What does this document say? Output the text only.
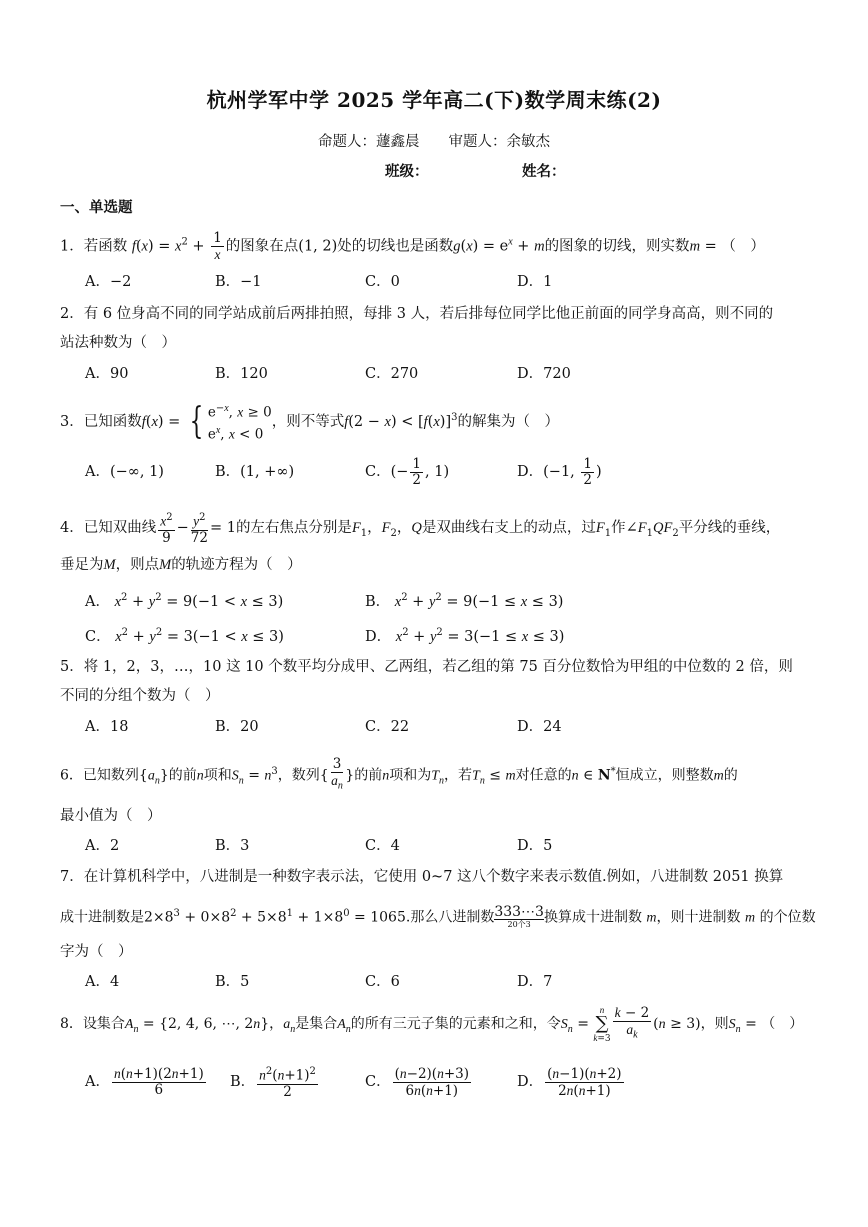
杭州学军中学 2025 学年高二(下)数学周末练(2)
命题人：蘧鑫晨　　审题人：余敏杰
班级：	姓名：
一、单选题
1．若函数 $f(x) = x^2 + \frac{1}{x}$ 的图象在点(1, 2)处的切线也是函数$g(x) = e^x + m$的图象的切线，则实数m = （　）
A．−2	B．−1	C．0	D．1
2．有 6 位身高不同的同学站成前后两排拍照，每排 3 人，若后排每位同学比他正前面的同学身高高，则不同的
站法种数为（　）
A．90	B．120	C．270	D．720
3．已知函数f(x) = { $e^{-x}$, x ≥ 0
$e^x$, x < 0
，则不等式$f(2 - x) < [f(x)]^3$的解集为（　）
A．(−∞, 1)	B．(1, +∞)	C．(− $\frac{1}{2}$ , 1)	D．(−1, $\frac{1}{2}$ )
4．已知双曲线 $\frac{x^2}{9} - \frac{y^2}{72} = 1$的左右焦点分别是$F_1$，$F_2$，Q是双曲线右支上的动点，过$F_1$作$\angle F_1QF_2$平分线的垂线，
垂足为M，则点M的轨迹方程为（　）
A． $x^2 + y^2 = 9(-1 < x \le 3)$	B． $x^2 + y^2 = 9(-1 \le x \le 3)$
C． $x^2 + y^2 = 3(-1 < x \le 3)$	D． $x^2 + y^2 = 3(-1 \le x \le 3)$
5．将 1，2，3，…，10 这 10 个数平均分成甲、乙两组，若乙组的第 75 百分位数恰为甲组的中位数的 2 倍，则
不同的分组个数为（　）
A．18	B．20	C．22	D．24
6．已知数列$\{a_n\}$的前n项和$S_n = n^3$，数列{ $\frac{3}{a_n}$ }的前n项和为$T_n$，若$T_n \le m$对任意的n ∈ N*恒成立，则整数m的
最小值为（　）
A．2	B．3	C．4	D．5
7．在计算机科学中，八进制是一种数字表示法，它使用 0~7 这八个数字来表示数值.例如，八进制数 2051 换算
成十进制数是$2\times 8^3 + 0\times 8^2 + 5\times 8^1 + 1\times 8^0 = 1065$.那么八进制数 333⋯3
20个3 换算成十进制数 m，则十进制数 m 的个位数
字为（　）
A．4	B．5	C．6	D．7
8．设集合$A_n = \{2$, 4, 6, ⋯, 2n}，$a_n$是集合$A_n$的所有三元子集的元素和之和，令$S_n$ =
n
∑
$k=3 \frac{k - 2}{a_k} (n \ge 3)$，则$S_n$ = （　）
A． $\frac{n(n+1)(2n+1)}{6}$ B． $\frac{n^2(n+1)^2}{2}$	C． $\frac{(n-2)(n+3)}{6n(n+1)}$	D． $\frac{(n-1)(n+2)}{2n(n+1)}$
